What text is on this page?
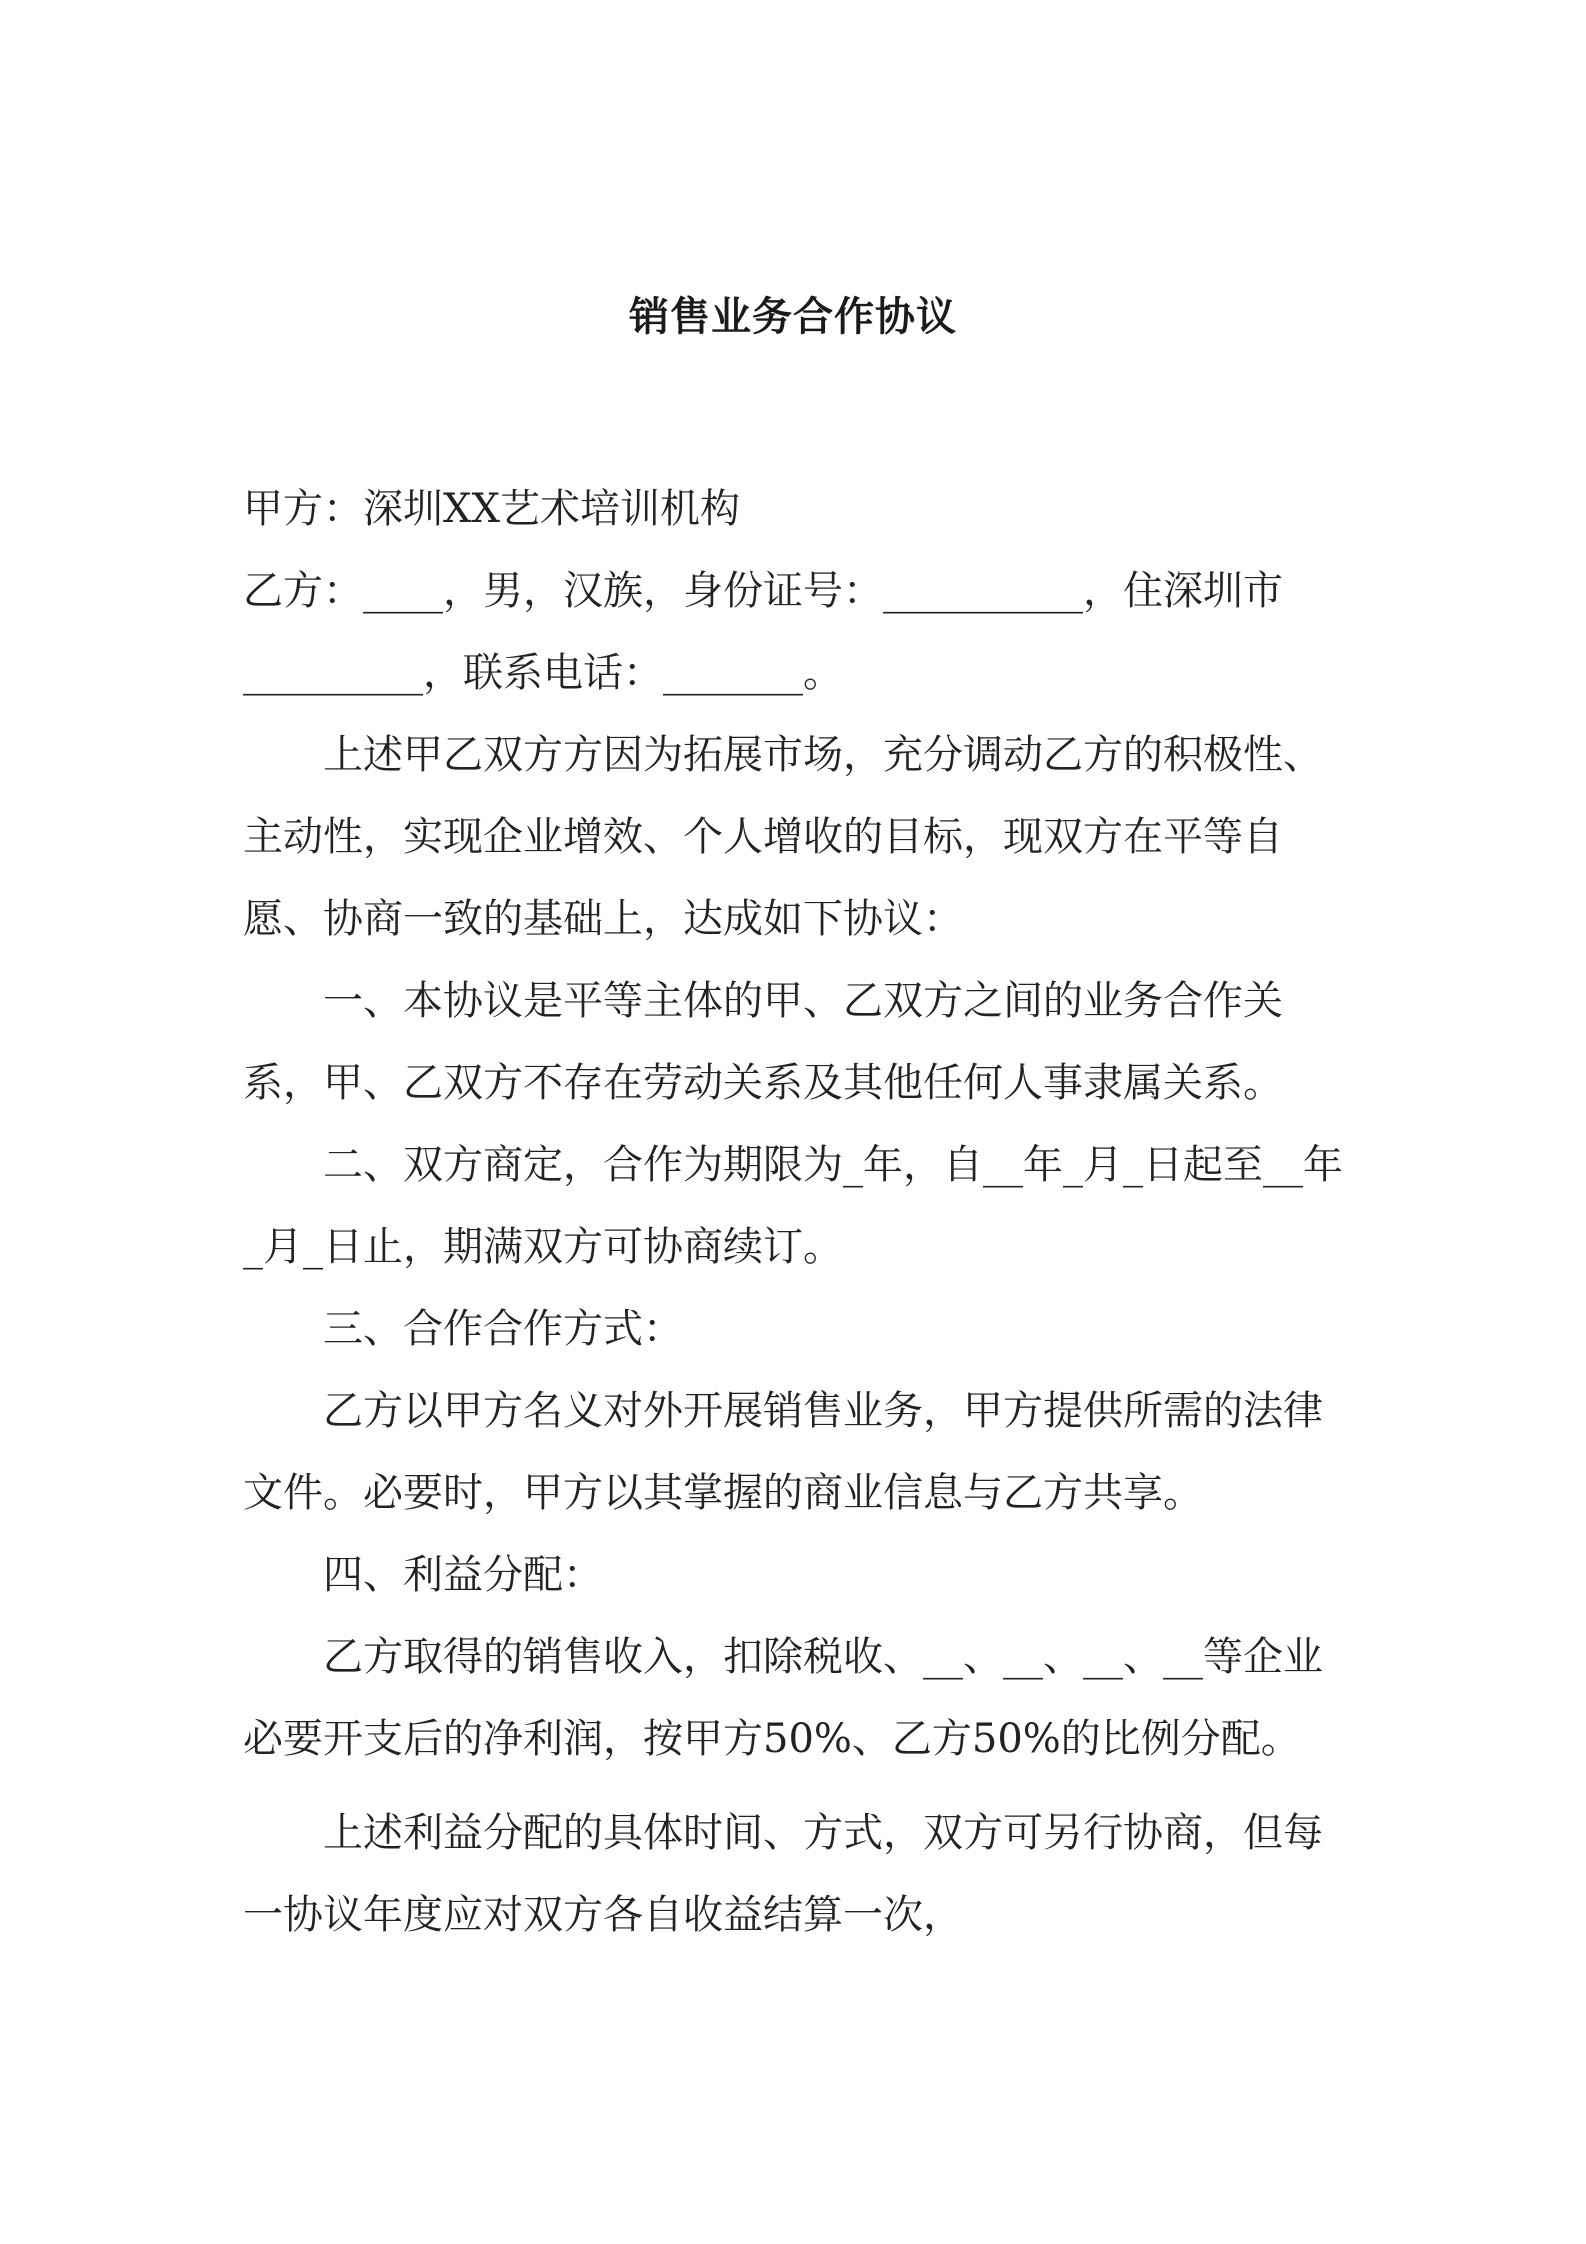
销售业务合作协议

甲方：深圳XX艺术培训机构

乙方：____，男，汉族，身份证号：__________，住深圳市

_________，联系电话：_______。

上述甲乙双方方因为拓展市场，充分调动乙方的积极性、主动性，实现企业增效、个人增收的目标，现双方在平等自愿、协商一致的基础上，达成如下协议：

一、本协议是平等主体的甲、乙双方之间的业务合作关系，甲、乙双方不存在劳动关系及其他任何人事隶属关系。

二、双方商定，合作为期限为_年，自__年_月_日起至__年_月_日止，期满双方可协商续订。

三、合作合作方式：

乙方以甲方名义对外开展销售业务，甲方提供所需的法律文件。必要时，甲方以其掌握的商业信息与乙方共享。

四、利益分配：

乙方取得的销售收入，扣除税收、__、__、__、__等企业必要开支后的净利润，按甲方50%、乙方50%的比例分配。

上述利益分配的具体时间、方式，双方可另行协商，但每一协议年度应对双方各自收益结算一次，
